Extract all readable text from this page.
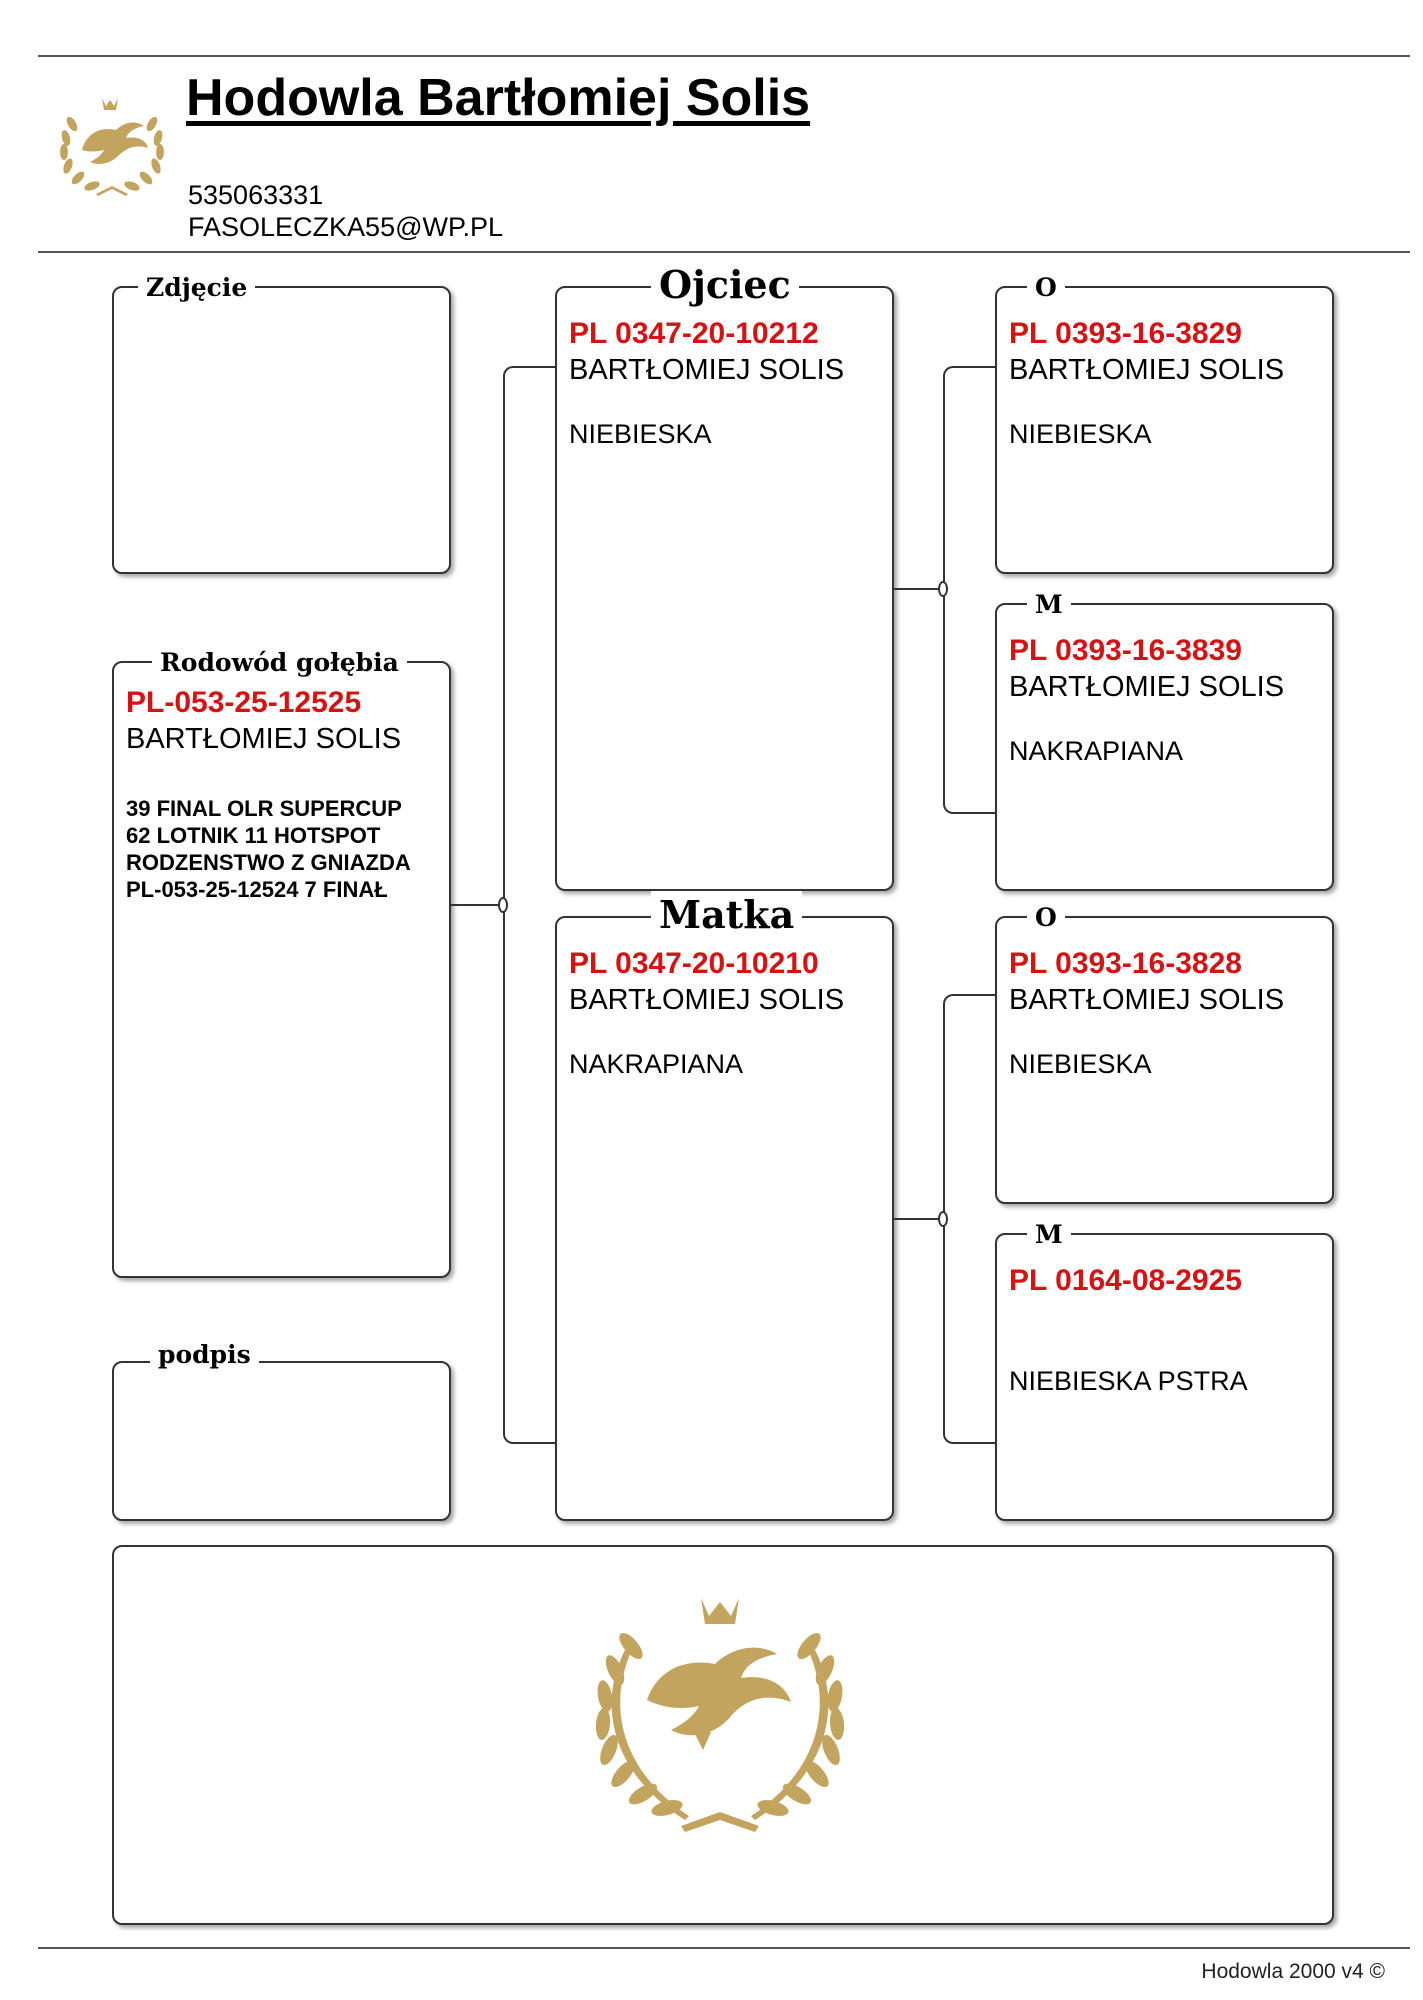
Hodowla Bartłomiej Solis
535063331
FASOLECZKA55@WP.PL
Zdjęcie
Rodowód gołębia
PL-053-25-12525
BARTŁOMIEJ SOLIS
39 FINAL OLR SUPERCUP
62 LOTNIK 11 HOTSPOT
RODZENSTWO Z GNIAZDA
PL-053-25-12524 7 FINAŁ
podpis
Ojciec
PL 0347-20-10212
BARTŁOMIEJ SOLIS
NIEBIESKA
Matka
PL 0347-20-10210
BARTŁOMIEJ SOLIS
NAKRAPIANA
O
PL 0393-16-3829
BARTŁOMIEJ SOLIS
NIEBIESKA
M
PL 0393-16-3839
BARTŁOMIEJ SOLIS
NAKRAPIANA
O
PL 0393-16-3828
BARTŁOMIEJ SOLIS
NIEBIESKA
M
PL 0164-08-2925
NIEBIESKA PSTRA
Hodowla 2000 v4 ©
